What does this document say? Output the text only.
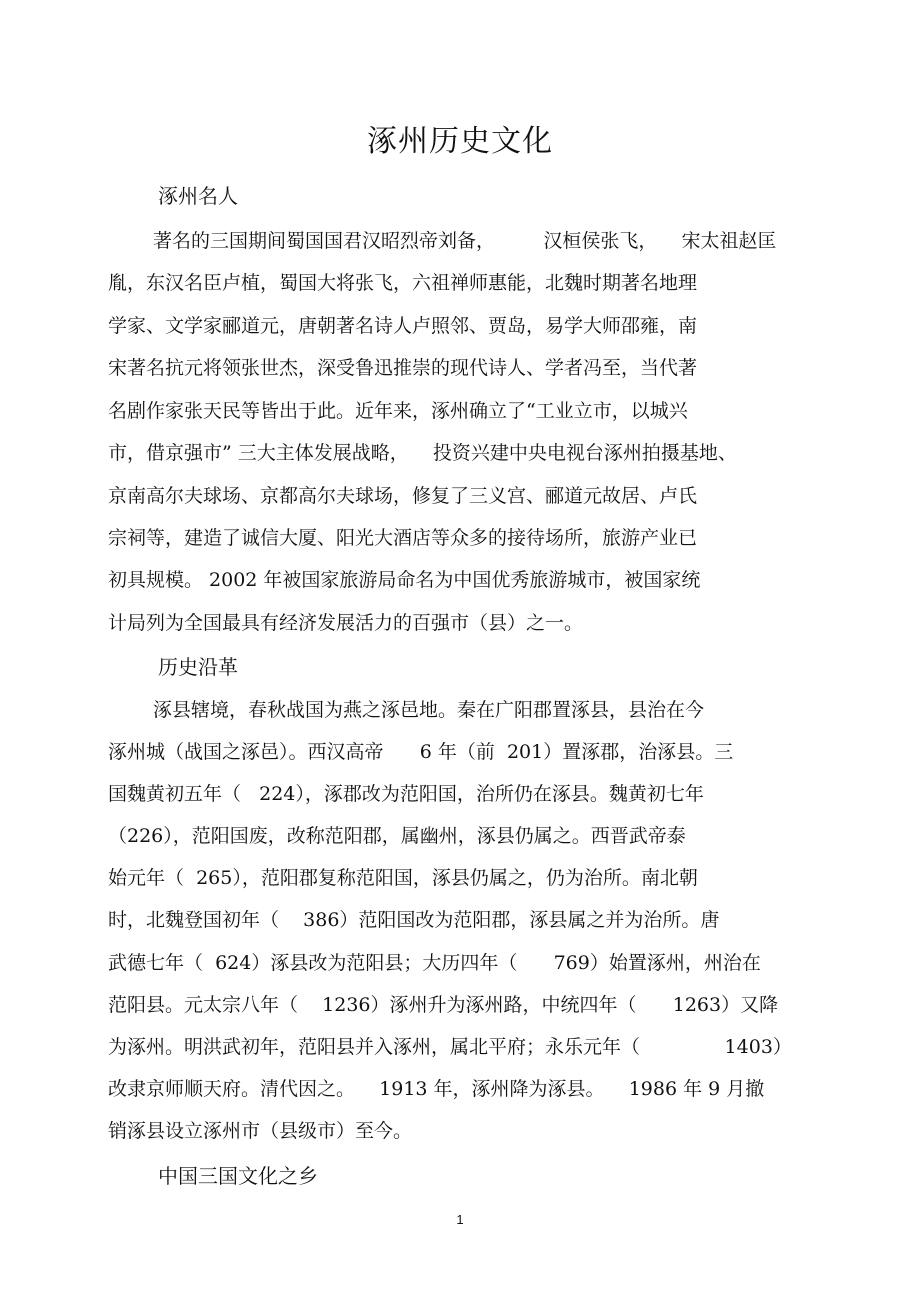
涿州历史文化
涿州名人
著名的三国期间蜀国国君汉昭烈帝刘备，        汉桓侯张飞，    宋太祖赵匡
胤，东汉名臣卢植，蜀国大将张飞，六祖禅师惠能，北魏时期著名地理
学家、文学家郦道元，唐朝著名诗人卢照邻、贾岛，易学大师邵雍，南
宋著名抗元将领张世杰，深受鲁迅推崇的现代诗人、学者冯至，当代著
名剧作家张天民等皆出于此。近年来，涿州确立了“工业立市，以城兴
市，借京强市” 三大主体发展战略，    投资兴建中央电视台涿州拍摄基地、
京南高尔夫球场、京都高尔夫球场，修复了三义宫、郦道元故居、卢氏
宗祠等，建造了诚信大厦、阳光大酒店等众多的接待场所，旅游产业已
初具规模。 2002 年被国家旅游局命名为中国优秀旅游城市，被国家统
计局列为全国最具有经济发展活力的百强市（县）之一。
历史沿革
涿县辖境，春秋战国为燕之涿邑地。秦在广阳郡置涿县，县治在今
涿州城（战国之涿邑）。西汉高帝      6 年（前  201）置涿郡，治涿县。三
国魏黄初五年（   224），涿郡改为范阳国，治所仍在涿县。魏黄初七年
（226），范阳国废，改称范阳郡，属幽州，涿县仍属之。西晋武帝泰
始元年（  265），范阳郡复称范阳国，涿县仍属之，仍为治所。南北朝
时，北魏登国初年（    386）范阳国改为范阳郡，涿县属之并为治所。唐
武德七年（  624）涿县改为范阳县；大历四年（      769）始置涿州，州治在
范阳县。元太宗八年（    1236）涿州升为涿州路，中统四年（      1263）又降
为涿州。明洪武初年，范阳县并入涿州，属北平府；永乐元年（              1403）
改隶京师顺天府。清代因之。    1913 年，涿州降为涿县。    1986 年 9 月撤
销涿县设立涿州市（县级市）至今。
中国三国文化之乡
1
